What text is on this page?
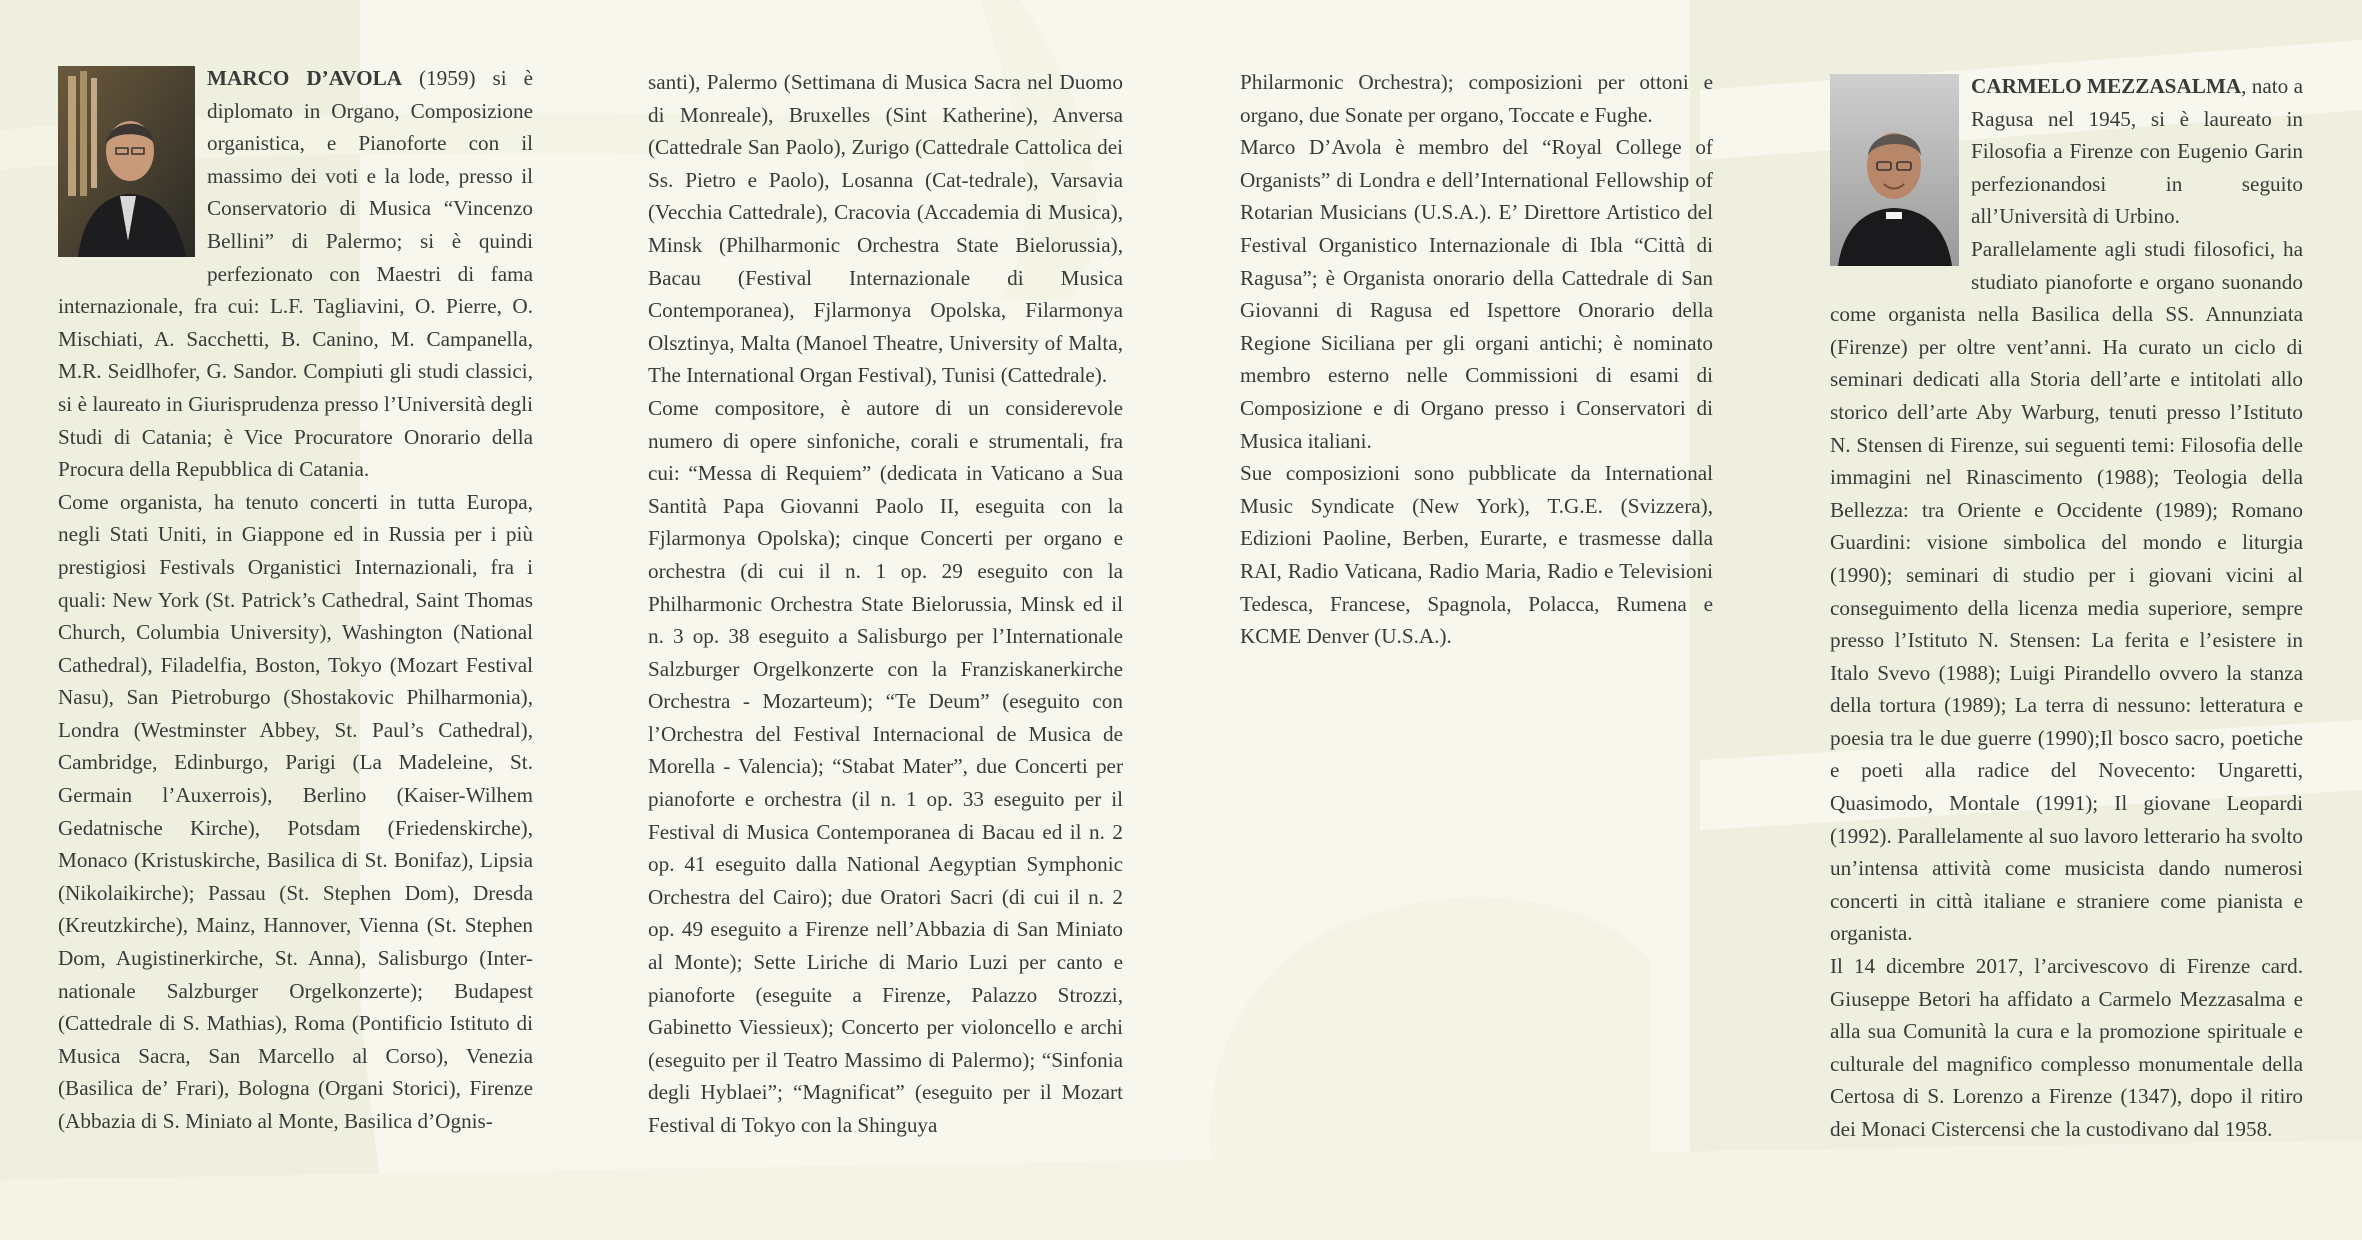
MARCO D’AVOLA (1959) si è diplomato in Organo, Composizione organistica, e Pianoforte con il massimo dei voti e la lode, presso il Conservatorio di Musica “Vincenzo Bellini” di Palermo; si è quindi perfezionato con Maestri di fama internazionale, fra cui: L.F. Tagliavini, O. Pierre, O. Mischiati, A. Sacchetti, B. Canino, M. Campanella, M.R. Seidlhofer, G. Sandor. Compiuti gli studi classici, si è laureato in Giurisprudenza presso l’Università degli Studi di Catania; è Vice Procuratore Onorario della Procura della Repubblica di Catania.

Come organista, ha tenuto concerti in tutta Europa, negli Stati Uniti, in Giappone ed in Russia per i più prestigiosi Festivals Organistici Internazionali, fra i quali: New York (St. Patrick’s Cathedral, Saint Thomas Church, Columbia University), Washington (National Cathedral), Filadelfia, Boston, Tokyo (Mozart Festival Nasu), San Pietroburgo (Shostakovic Philharmonia), Londra (Westminster Abbey, St. Paul’s Cathedral), Cambridge, Edinburgo, Parigi (La Madeleine, St. Germain l’Auxerrois), Berlino (Kaiser-Wilhem Gedatnische Kirche), Potsdam (Friedenskirche), Monaco (Kristuskirche, Basilica di St. Bonifaz), Lipsia (Nikolaikirche); Passau (St. Stephen Dom), Dresda (Kreutzkirche), Mainz, Hannover, Vienna (St. Stephen Dom, Augistinerkirche, St. Anna), Salisburgo (Inter-nationale Salzburger Orgelkonzerte); Budapest (Cattedrale di S. Mathias), Roma (Pontificio Istituto di Musica Sacra, San Marcello al Corso), Venezia (Basilica de’ Frari), Bologna (Organi Storici), Firenze (Abbazia di S. Miniato al Monte, Basilica d’Ognis-

santi), Palermo (Settimana di Musica Sacra nel Duomo di Monreale), Bruxelles (Sint Katherine), Anversa (Cattedrale San Paolo), Zurigo (Cattedrale Cattolica dei Ss. Pietro e Paolo), Losanna (Cat-tedrale), Varsavia (Vecchia Cattedrale), Cracovia (Accademia di Musica), Minsk (Philharmonic Orchestra State Bielorussia), Bacau (Festival Internazionale di Musica Contemporanea), Fjlarmonya Opolska, Filarmonya Olsztinya, Malta (Manoel Theatre, University of Malta, The International Organ Festival), Tunisi (Cattedrale).

Come compositore, è autore di un considerevole numero di opere sinfoniche, corali e strumentali, fra cui: “Messa di Requiem” (dedicata in Vaticano a Sua Santità Papa Giovanni Paolo II, eseguita con la Fjlarmonya Opolska); cinque Concerti per organo e orchestra (di cui il n. 1 op. 29 eseguito con la Philharmonic Orchestra State Bielorussia, Minsk ed il n. 3 op. 38 eseguito a Salisburgo per l’Internationale Salzburger Orgelkonzerte con la Franziskanerkirche Orchestra - Mozarteum); “Te Deum” (eseguito con l’Orchestra del Festival Internacional de Musica de Morella - Valencia); “Stabat Mater”, due Concerti per pianoforte e orchestra (il n. 1 op. 33 eseguito per il Festival di Musica Contemporanea di Bacau ed il n. 2 op. 41 eseguito dalla National Aegyptian Symphonic Orchestra del Cairo); due Oratori Sacri (di cui il n. 2 op. 49 eseguito a Firenze nell’Abbazia di San Miniato al Monte); Sette Liriche di Mario Luzi per canto e pianoforte (eseguite a Firenze, Palazzo Strozzi, Gabinetto Viessieux); Concerto per violoncello e archi (eseguito per il Teatro Massimo di Palermo); “Sinfonia degli Hyblaei”; “Magnificat” (eseguito per il Mozart Festival di Tokyo con la Shinguya

Philarmonic Orchestra); composizioni per ottoni e organo, due Sonate per organo, Toccate e Fughe.

Marco D’Avola è membro del “Royal College of Organists” di Londra e dell’International Fellowship of Rotarian Musicians (U.S.A.). E’ Direttore Artistico del Festival Organistico Internazionale di Ibla “Città di Ragusa”; è Organista onorario della Cattedrale di San Giovanni di Ragusa ed Ispettore Onorario della Regione Siciliana per gli organi antichi; è nominato membro esterno nelle Commissioni di esami di Composizione e di Organo presso i Conservatori di Musica italiani.

Sue composizioni sono pubblicate da International Music Syndicate (New York), T.G.E. (Svizzera), Edizioni Paoline, Berben, Eurarte, e trasmesse dalla RAI, Radio Vaticana, Radio Maria, Radio e Televisioni Tedesca, Francese, Spagnola, Polacca, Rumena e KCME Denver (U.S.A.).

CARMELO MEZZASALMA, nato a Ragusa nel 1945, si è laureato in Filosofia a Firenze con Eugenio Garin perfezionandosi in seguito all’Università di Urbino.

Parallelamente agli studi filosofici, ha studiato pianoforte e organo suonando come organista nella Basilica della SS. Annunziata (Firenze) per oltre vent’anni. Ha curato un ciclo di seminari dedicati alla Storia dell’arte e intitolati allo storico dell’arte Aby Warburg, tenuti presso l’Istituto N. Stensen di Firenze, sui seguenti temi: Filosofia delle immagini nel Rinascimento (1988); Teologia della Bellezza: tra Oriente e Occidente (1989); Romano Guardini: visione simbolica del mondo e liturgia (1990); seminari di studio per i giovani vicini al conseguimento della licenza media superiore, sempre presso l’Istituto N. Stensen: La ferita e l’esistere in Italo Svevo (1988); Luigi Pirandello ovvero la stanza della tortura (1989); La terra di nessuno: letteratura e poesia tra le due guerre (1990);Il bosco sacro, poetiche e poeti alla radice del Novecento: Ungaretti, Quasimodo, Montale (1991); Il giovane Leopardi (1992). Parallelamente al suo lavoro letterario ha svolto un’intensa attività come musicista dando numerosi concerti in città italiane e straniere come pianista e organista.

Il 14 dicembre 2017, l’arcivescovo di Firenze card. Giuseppe Betori ha affidato a Carmelo Mezzasalma e alla sua Comunità la cura e la promozione spirituale e culturale del magnifico complesso monumentale della Certosa di S. Lorenzo a Firenze (1347), dopo il ritiro dei Monaci Cistercensi che la custodivano dal 1958.
